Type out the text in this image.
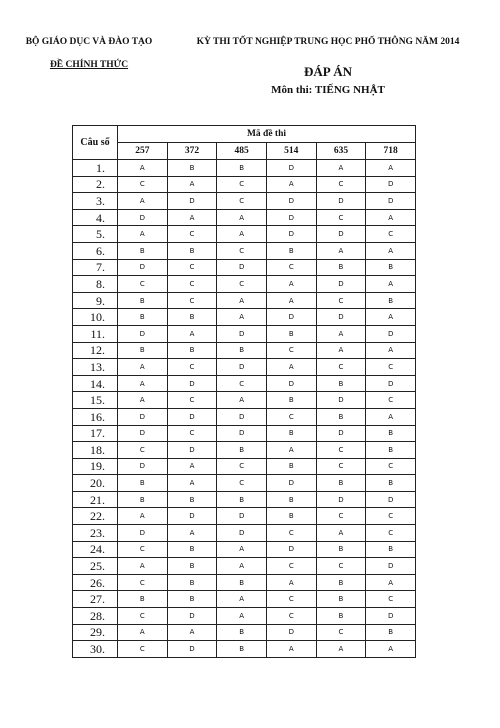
BỘ GIÁO DỤC VÀ ĐÀO TẠO
ĐỀ CHÍNH THỨC
KỲ THI TỐT NGHIỆP TRUNG HỌC PHỔ THÔNG NĂM 2014
ĐÁP ÁN
Môn thi: TIẾNG NHẬT
Câu số	Mã đề thi					
	257	372	485	514	635	718
1.	A	B	B	D	A	A
2.	C	A	C	A	C	D
3.	A	D	C	D	D	D
4.	D	A	A	D	C	A
5.	A	C	A	D	D	C
6.	B	B	C	B	A	A
7.	D	C	D	C	B	B
8.	C	C	C	A	D	A
9.	B	C	A	A	C	B
10.	B	B	A	D	D	A
11.	D	A	D	B	A	D
12.	B	B	B	C	A	A
13.	A	C	D	A	C	C
14.	A	D	C	D	B	D
15.	A	C	A	B	D	C
16.	D	D	D	C	B	A
17.	D	C	D	B	D	B
18.	C	D	B	A	C	B
19.	D	A	C	B	C	C
20.	B	A	C	D	B	B
21.	B	B	B	B	D	D
22.	A	D	D	B	C	C
23.	D	A	D	C	A	C
24.	C	B	A	D	B	B
25.	A	B	A	C	C	D
26.	C	B	B	A	B	A
27.	B	B	A	C	B	C
28.	C	D	A	C	B	D
29.	A	A	B	D	C	B
30.	C	D	B	A	A	A
